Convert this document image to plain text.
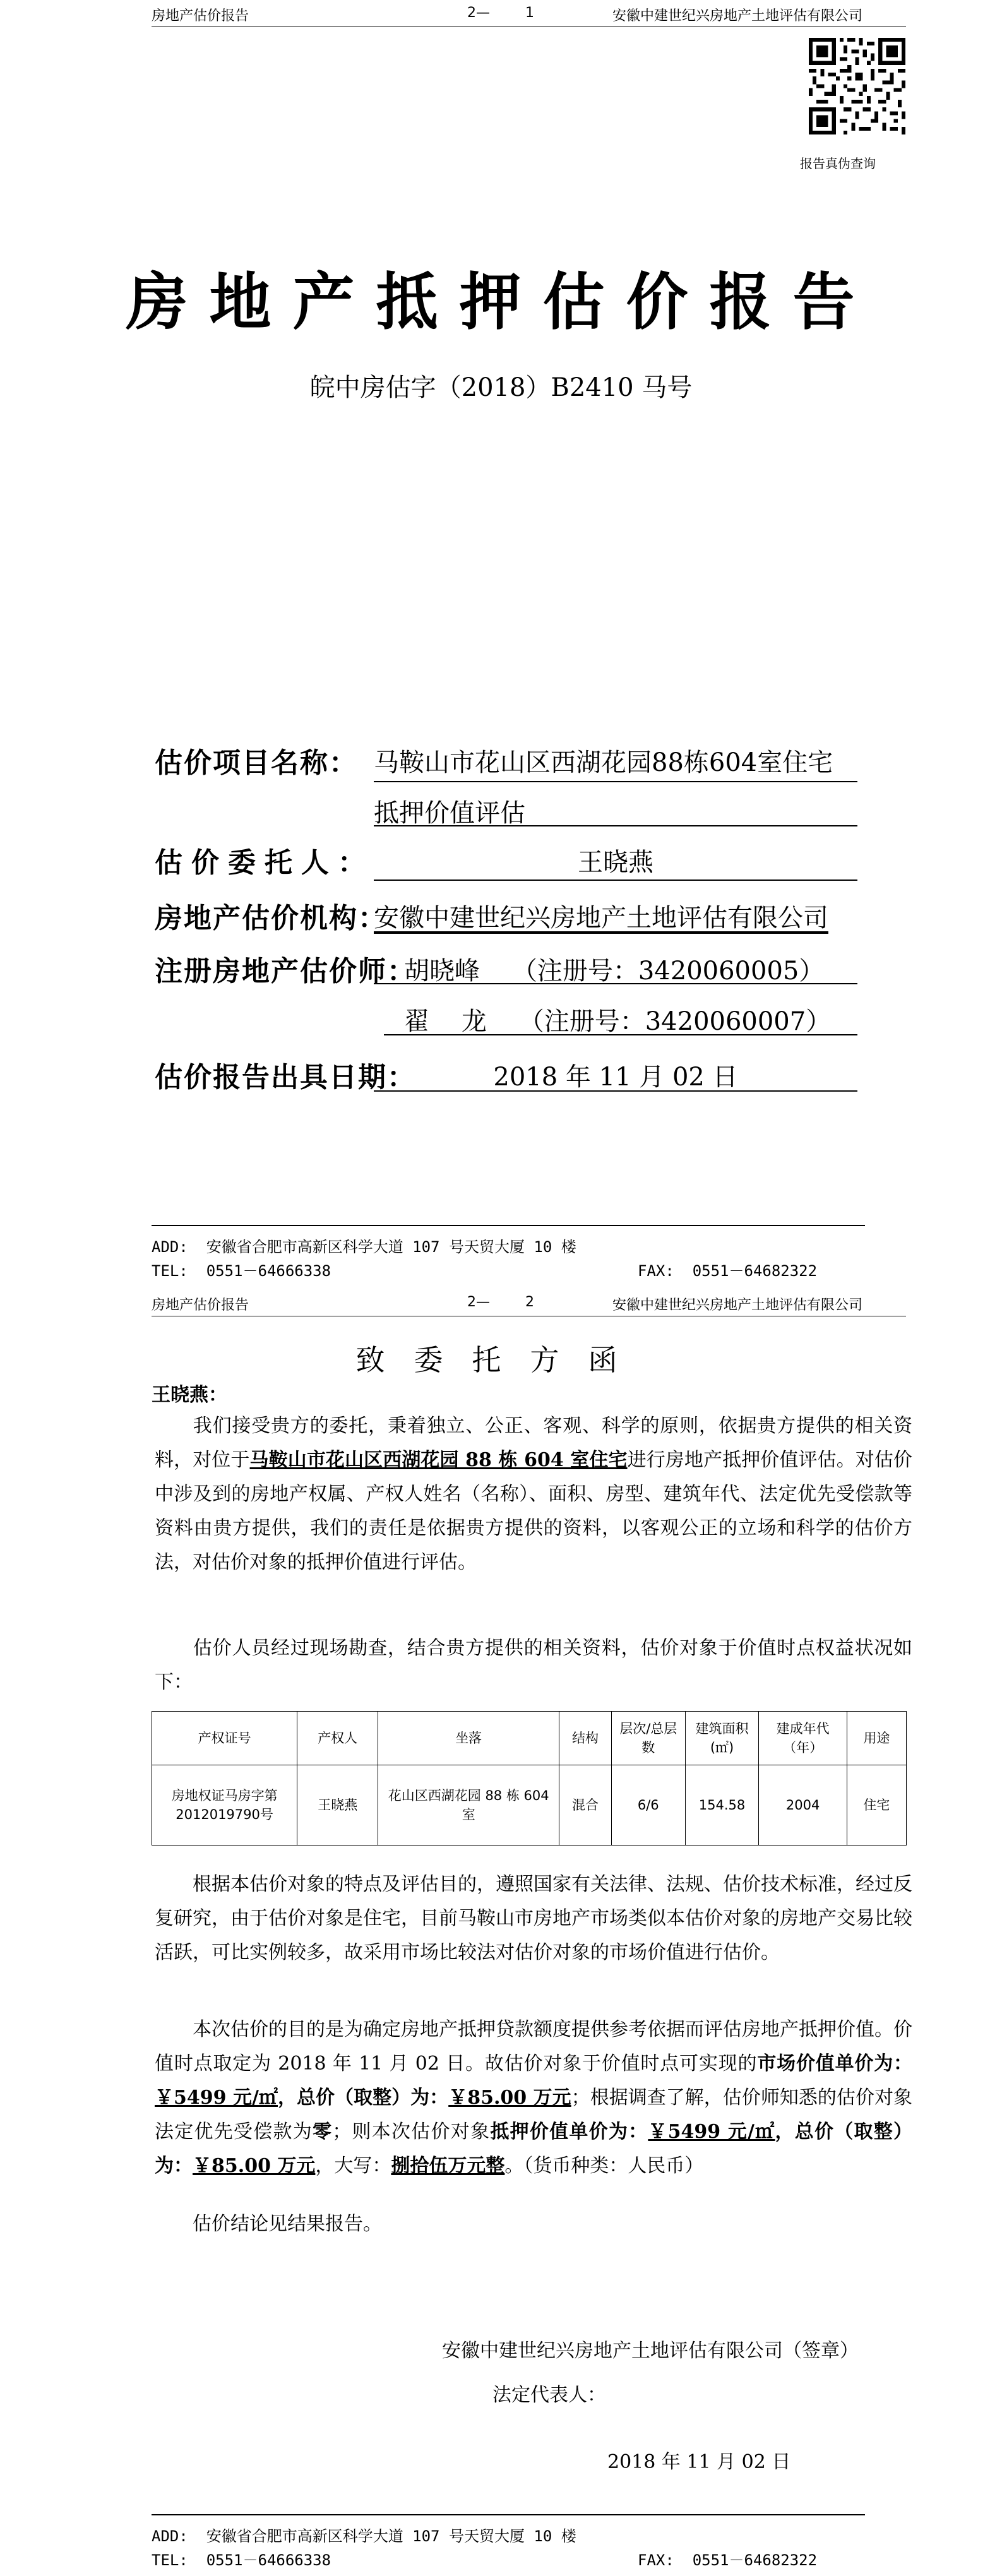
房地产估价报告	2—        1	安徽中建世纪兴房地产土地评估有限公司
报告真伪查询
房地产抵押估价报告
皖中房估字（2018）B2410 马号
估价项目名称： 马鞍山市花山区西湖花园88栋604室住宅
抵押价值评估
估价委托人：	王晓燕
房地产估价机构：
安徽中建世纪兴房地产土地评估有限公司
注册房地产估价师：
胡晓峰    （注册号：3420060005）
翟    龙    （注册号：3420060007）
估价报告出具日期：	2018 年 11 月 02 日
ADD:  安徽省合肥市高新区科学大道 107 号天贸大厦 10 楼
TEL:  0551－64666338	FAX:  0551－64682322
房地产估价报告	2—        2	安徽中建世纪兴房地产土地评估有限公司
致委托方函
王晓燕：
我们接受贵方的委托，秉着独立、公正、客观、科学的原则，依据贵方提供的相关资料，对位于马鞍山市花山区西湖花园 88 栋 604 室住宅进行房地产抵押价值评估。对估价中涉及到的房地产权属、产权人姓名（名称）、面积、房型、建筑年代、法定优先受偿款等资料由贵方提供，我们的责任是依据贵方提供的资料，以客观公正的立场和科学的估价方法，对估价对象的抵押价值进行评估。
估价人员经过现场勘查，结合贵方提供的相关资料，估价对象于价值时点权益状况如下：
产权证号	产权人	坐落	结构	层次/总层数	建筑面积(㎡)	建成年代（年）	用途
房地权证马房字第2012019790号	王晓燕	花山区西湖花园 88 栋 604 室	混合	6/6	154.58	2004	住宅
根据本估价对象的特点及评估目的，遵照国家有关法律、法规、估价技术标准，经过反复研究，由于估价对象是住宅，目前马鞍山市房地产市场类似本估价对象的房地产交易比较活跃，可比实例较多，故采用市场比较法对估价对象的市场价值进行估价。
本次估价的目的是为确定房地产抵押贷款额度提供参考依据而评估房地产抵押价值。价值时点取定为 2018 年 11 月 02 日。故估价对象于价值时点可实现的市场价值单价为：￥5499 元/㎡，总价（取整）为：￥85.00 万元；根据调查了解，估价师知悉的估价对象法定优先受偿款为零；则本次估价对象抵押价值单价为：￥5499 元/㎡，总价（取整）为：￥85.00 万元，大写：捌拾伍万元整。（货币种类：人民币）
估价结论见结果报告。
安徽中建世纪兴房地产土地评估有限公司（签章）
法定代表人：
2018 年 11 月 02 日
ADD:  安徽省合肥市高新区科学大道 107 号天贸大厦 10 楼
TEL:  0551－64666338	FAX:  0551－64682322
